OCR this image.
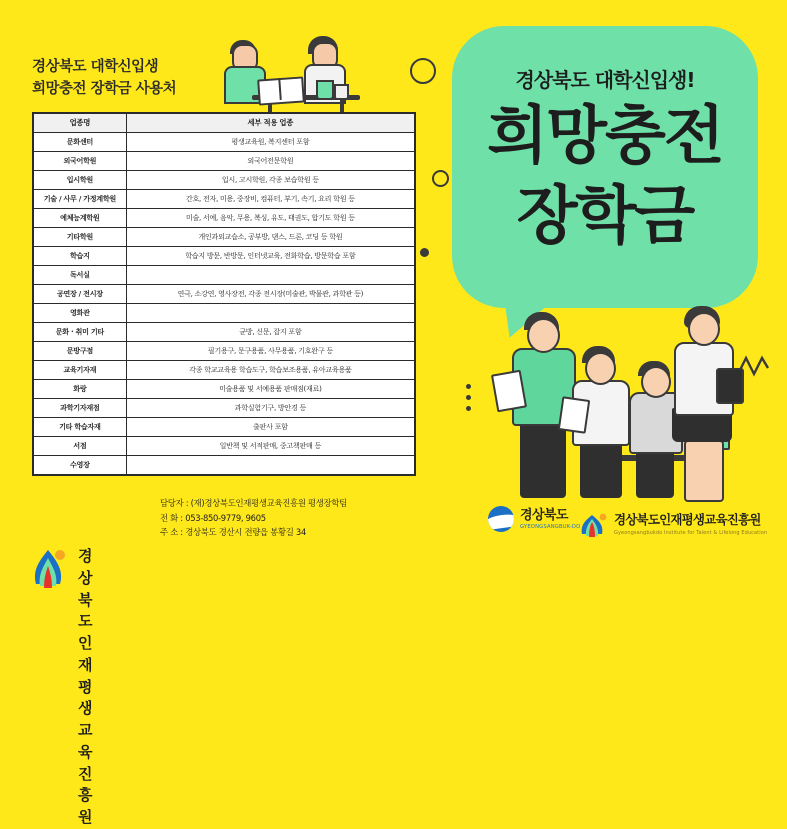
경상북도 대학신입생
희망충전 장학금 사용처
업종명	세부 적용 업종
문화센터	평생교육원, 복지센터 포함
외국어학원	외국어전문학원
입시학원	입시, 고시학원, 각종 보습학원 등
기술 / 사무 / 가정계학원	간호, 전자, 미용, 중장비, 컴퓨터, 부기, 속기, 요리 학원 등
예체능계학원	미술, 서예, 음악, 무용, 복싱, 유도, 태권도, 합기도 학원 등
기타학원	개인과외교습소, 공부방, 댄스, 드론, 코딩 등 학원
학습지	학습지 방문, 반방문, 인터넷교육, 전화학습, 방문학습 포함
독서실	
공연장 / 전시장	연극, 소강연, 영사장전, 각종 전시장(미술관, 박물관, 과학관 등)
영화관	
문화 · 취미 기타	균방, 신문, 잡지 포함
문방구점	필기용구, 문구용품, 사무용품, 기호완구 등
교육기자재	각종 학교교육용 학습도구, 학습보조용품, 유아교육용품
화랑	미술용품 및 서예용품 판매점(재료)
과학기자재점	과학실험기구, 방안경 등
기타 학습자재	출판사 포함
서점	일반책 및 서적판매, 중고책판매 등
수영장	
경상북도 대학신입생!
희망충전
장학금
경상북도
인재평생교육진흥원
담당자 : (재)경상북도인재평생교육진흥원 평생장학팀
전 화 : 053-850-9779, 9605
주 소 : 경상북도 경산시 전량읍 봉황길 34
경상북도
GYEONGSANGBUK-DO	경상북도인재평생교육진흥원
Gyeongsangbukdo Institute for Talent & Lifelong Education
